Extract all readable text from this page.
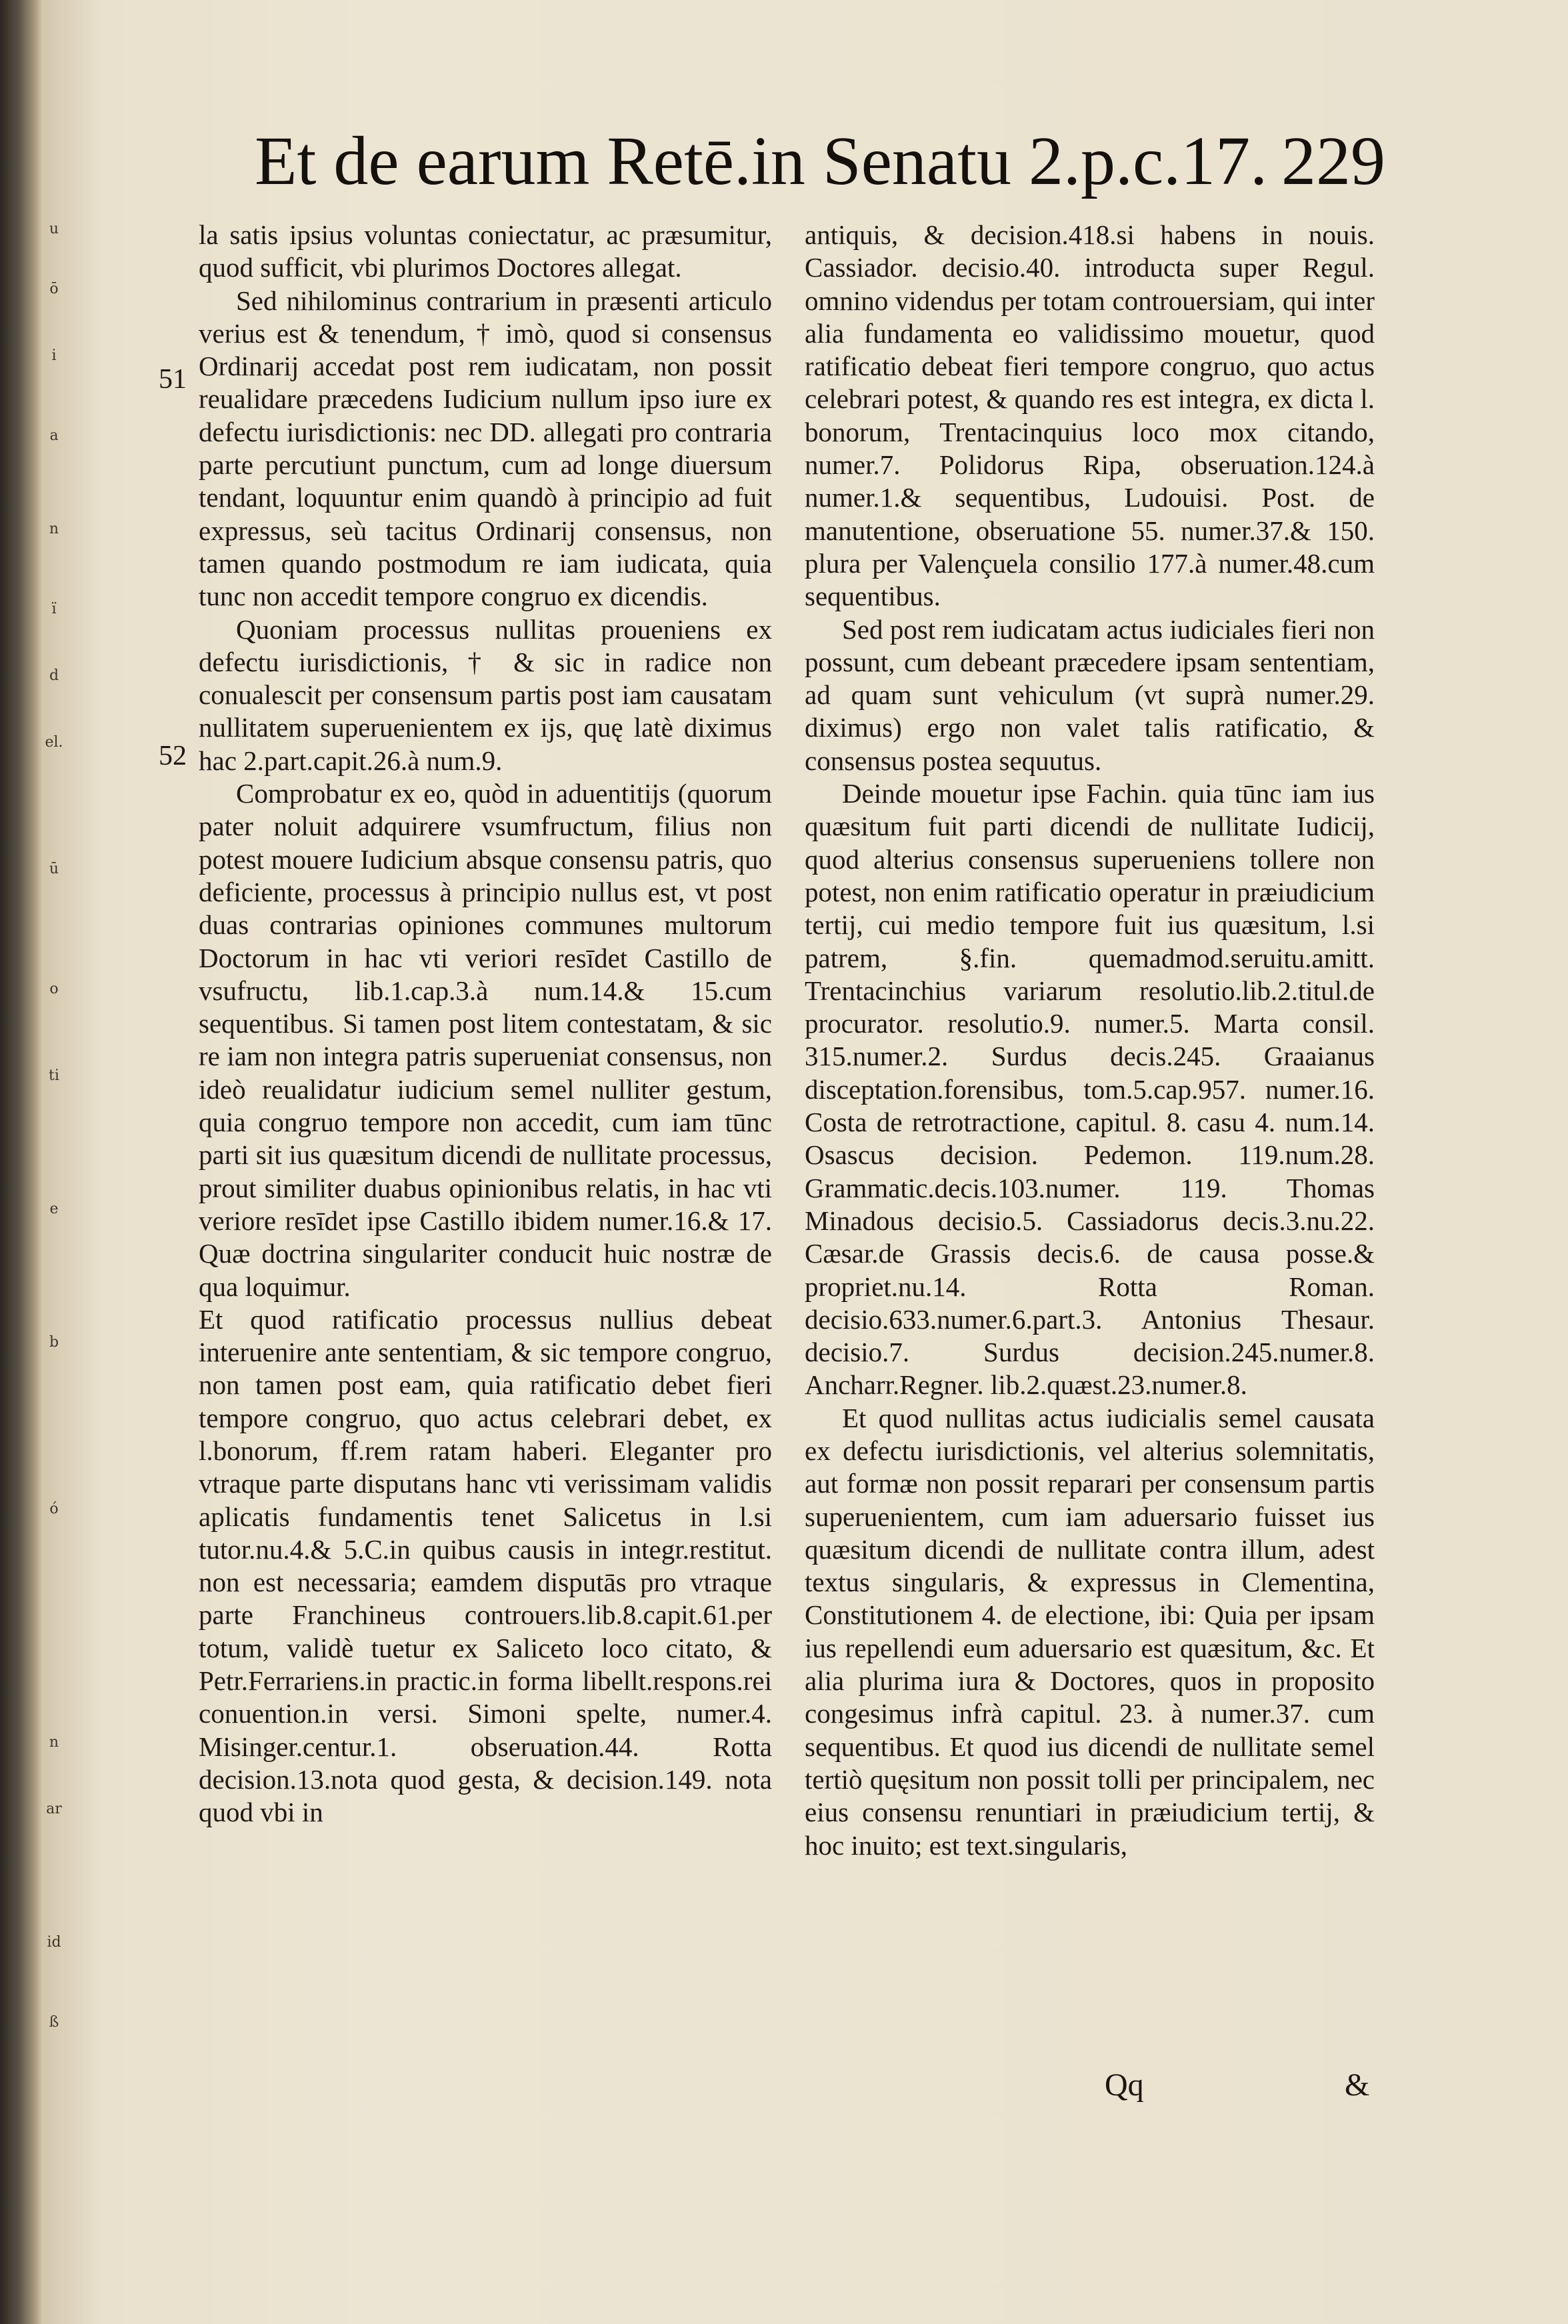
u
ō
i
a
n
ï
d
el.
ū
o
ti
e
b
ó
n
ar
id
ß
Et de earum Retē.in Senatu 2.p.c.17. 229
51
52

la satis ipsius voluntas coniectatur, ac præsumitur, quod sufficit, vbi plurimos Doctores allegat.

Sed nihilominus contrarium in præsenti articulo verius est & tenendum, † imò, quod si consensus Ordinarij accedat post rem iudicatam, non possit reualidare præcedens Iudicium nullum ipso iure ex defectu iurisdictionis: nec DD. allegati pro contraria parte percutiunt punctum, cum ad longe diuersum tendant, loquuntur enim quandò à principio ad fuit expressus, seù tacitus Ordinarij consensus, non tamen quando postmodum re iam iudicata, quia tunc non accedit tempore congruo ex dicendis.

Quoniam processus nullitas proueniens ex defectu iurisdictionis, † & sic in radice non conualescit per consensum partis post iam causatam nullitatem superuenientem ex ijs, quę latè diximus hac 2.part.capit.26.à num.9.

Comprobatur ex eo, quòd in aduentitijs (quorum pater noluit adquirere vsumfructum, filius non potest mouere Iudicium absque consensu patris, quo deficiente, processus à principio nullus est, vt post duas contrarias opiniones communes multorum Doctorum in hac vti veriori resīdet Castillo de vsufructu, lib.1.cap.3.à num.14.& 15.cum sequentibus. Si tamen post litem contestatam, & sic re iam non integra patris superueniat consensus, non ideò reualidatur iudicium semel nulliter gestum, quia congruo tempore non accedit, cum iam tūnc parti sit ius quæsitum dicendi de nullitate processus, prout similiter duabus opinionibus relatis, in hac vti veriore resīdet ipse Castillo ibidem numer.16.& 17. Quæ doctrina singulariter conducit huic nostræ de qua loquimur.

Et quod ratificatio processus nullius debeat interuenire ante sententiam, & sic tempore congruo, non tamen post eam, quia ratificatio debet fieri tempore congruo, quo actus celebrari debet, ex l.bonorum, ff.rem ratam haberi. Eleganter pro vtraque parte disputans hanc vti verissimam validis aplicatis fundamentis tenet Salicetus in l.si tutor.nu.4.& 5.C.in quibus causis in integr.restitut. non est necessaria; eamdem disputās pro vtraque parte Franchineus controuers.lib.8.capit.61.per totum, validè tuetur ex Saliceto loco citato, & Petr.Ferrariens.in practic.in forma libellt.respons.rei conuention.in versi. Simoni spelte, numer.4. Misinger.centur.1. obseruation.44. Rotta decision.13.nota quod gesta, & decision.149. nota quod vbi in

antiquis, & decision.418.si habens in nouis. Cassiador. decisio.40. introducta super Regul. omnino videndus per totam controuersiam, qui inter alia fundamenta eo validissimo mouetur, quod ratificatio debeat fieri tempore congruo, quo actus celebrari potest, & quando res est integra, ex dicta l. bonorum, Trentacinquius loco mox citando, numer.7. Polidorus Ripa, obseruation.124.à numer.1.& sequentibus, Ludouisi. Post. de manutentione, obseruatione 55. numer.37.& 150. plura per Valençuela consilio 177.à numer.48.cum sequentibus.

Sed post rem iudicatam actus iudiciales fieri non possunt, cum debeant præcedere ipsam sententiam, ad quam sunt vehiculum (vt suprà numer.29. diximus) ergo non valet talis ratificatio, & consensus postea sequutus.

Deinde mouetur ipse Fachin. quia tūnc iam ius quæsitum fuit parti dicendi de nullitate Iudicij, quod alterius consensus superueniens tollere non potest, non enim ratificatio operatur in præiudicium tertij, cui medio tempore fuit ius quæsitum, l.si patrem, §.fin. quemadmod.seruitu.amitt. Trentacinchius variarum resolutio.lib.2.titul.de procurator. resolutio.9. numer.5. Marta consil. 315.numer.2. Surdus decis.245. Graaianus disceptation.forensibus, tom.5.cap.957. numer.16. Costa de retrotractione, capitul. 8. casu 4. num.14. Osascus decision. Pedemon. 119.num.28. Grammatic.decis.103.numer. 119. Thomas Minadous decisio.5. Cassiadorus decis.3.nu.22. Cæsar.de Grassis decis.6. de causa posse.& propriet.nu.14. Rotta Roman. decisio.633.numer.6.part.3. Antonius Thesaur. decisio.7. Surdus decision.245.numer.8. Ancharr.Regner. lib.2.quæst.23.numer.8.

Et quod nullitas actus iudicialis semel causata ex defectu iurisdictionis, vel alterius solemnitatis, aut formæ non possit reparari per consensum partis superuenientem, cum iam aduersario fuisset ius quæsitum dicendi de nullitate contra illum, adest textus singularis, & expressus in Clementina, Constitutionem 4. de electione, ibi: Quia per ipsam ius repellendi eum aduersario est quæsitum, &c. Et alia plurima iura & Doctores, quos in proposito congesimus infrà capitul. 23. à numer.37. cum sequentibus. Et quod ius dicendi de nullitate semel tertiò quęsitum non possit tolli per principalem, nec eius consensu renuntiari in præiudicium tertij, & hoc inuito; est text.singularis,

Qq	&
